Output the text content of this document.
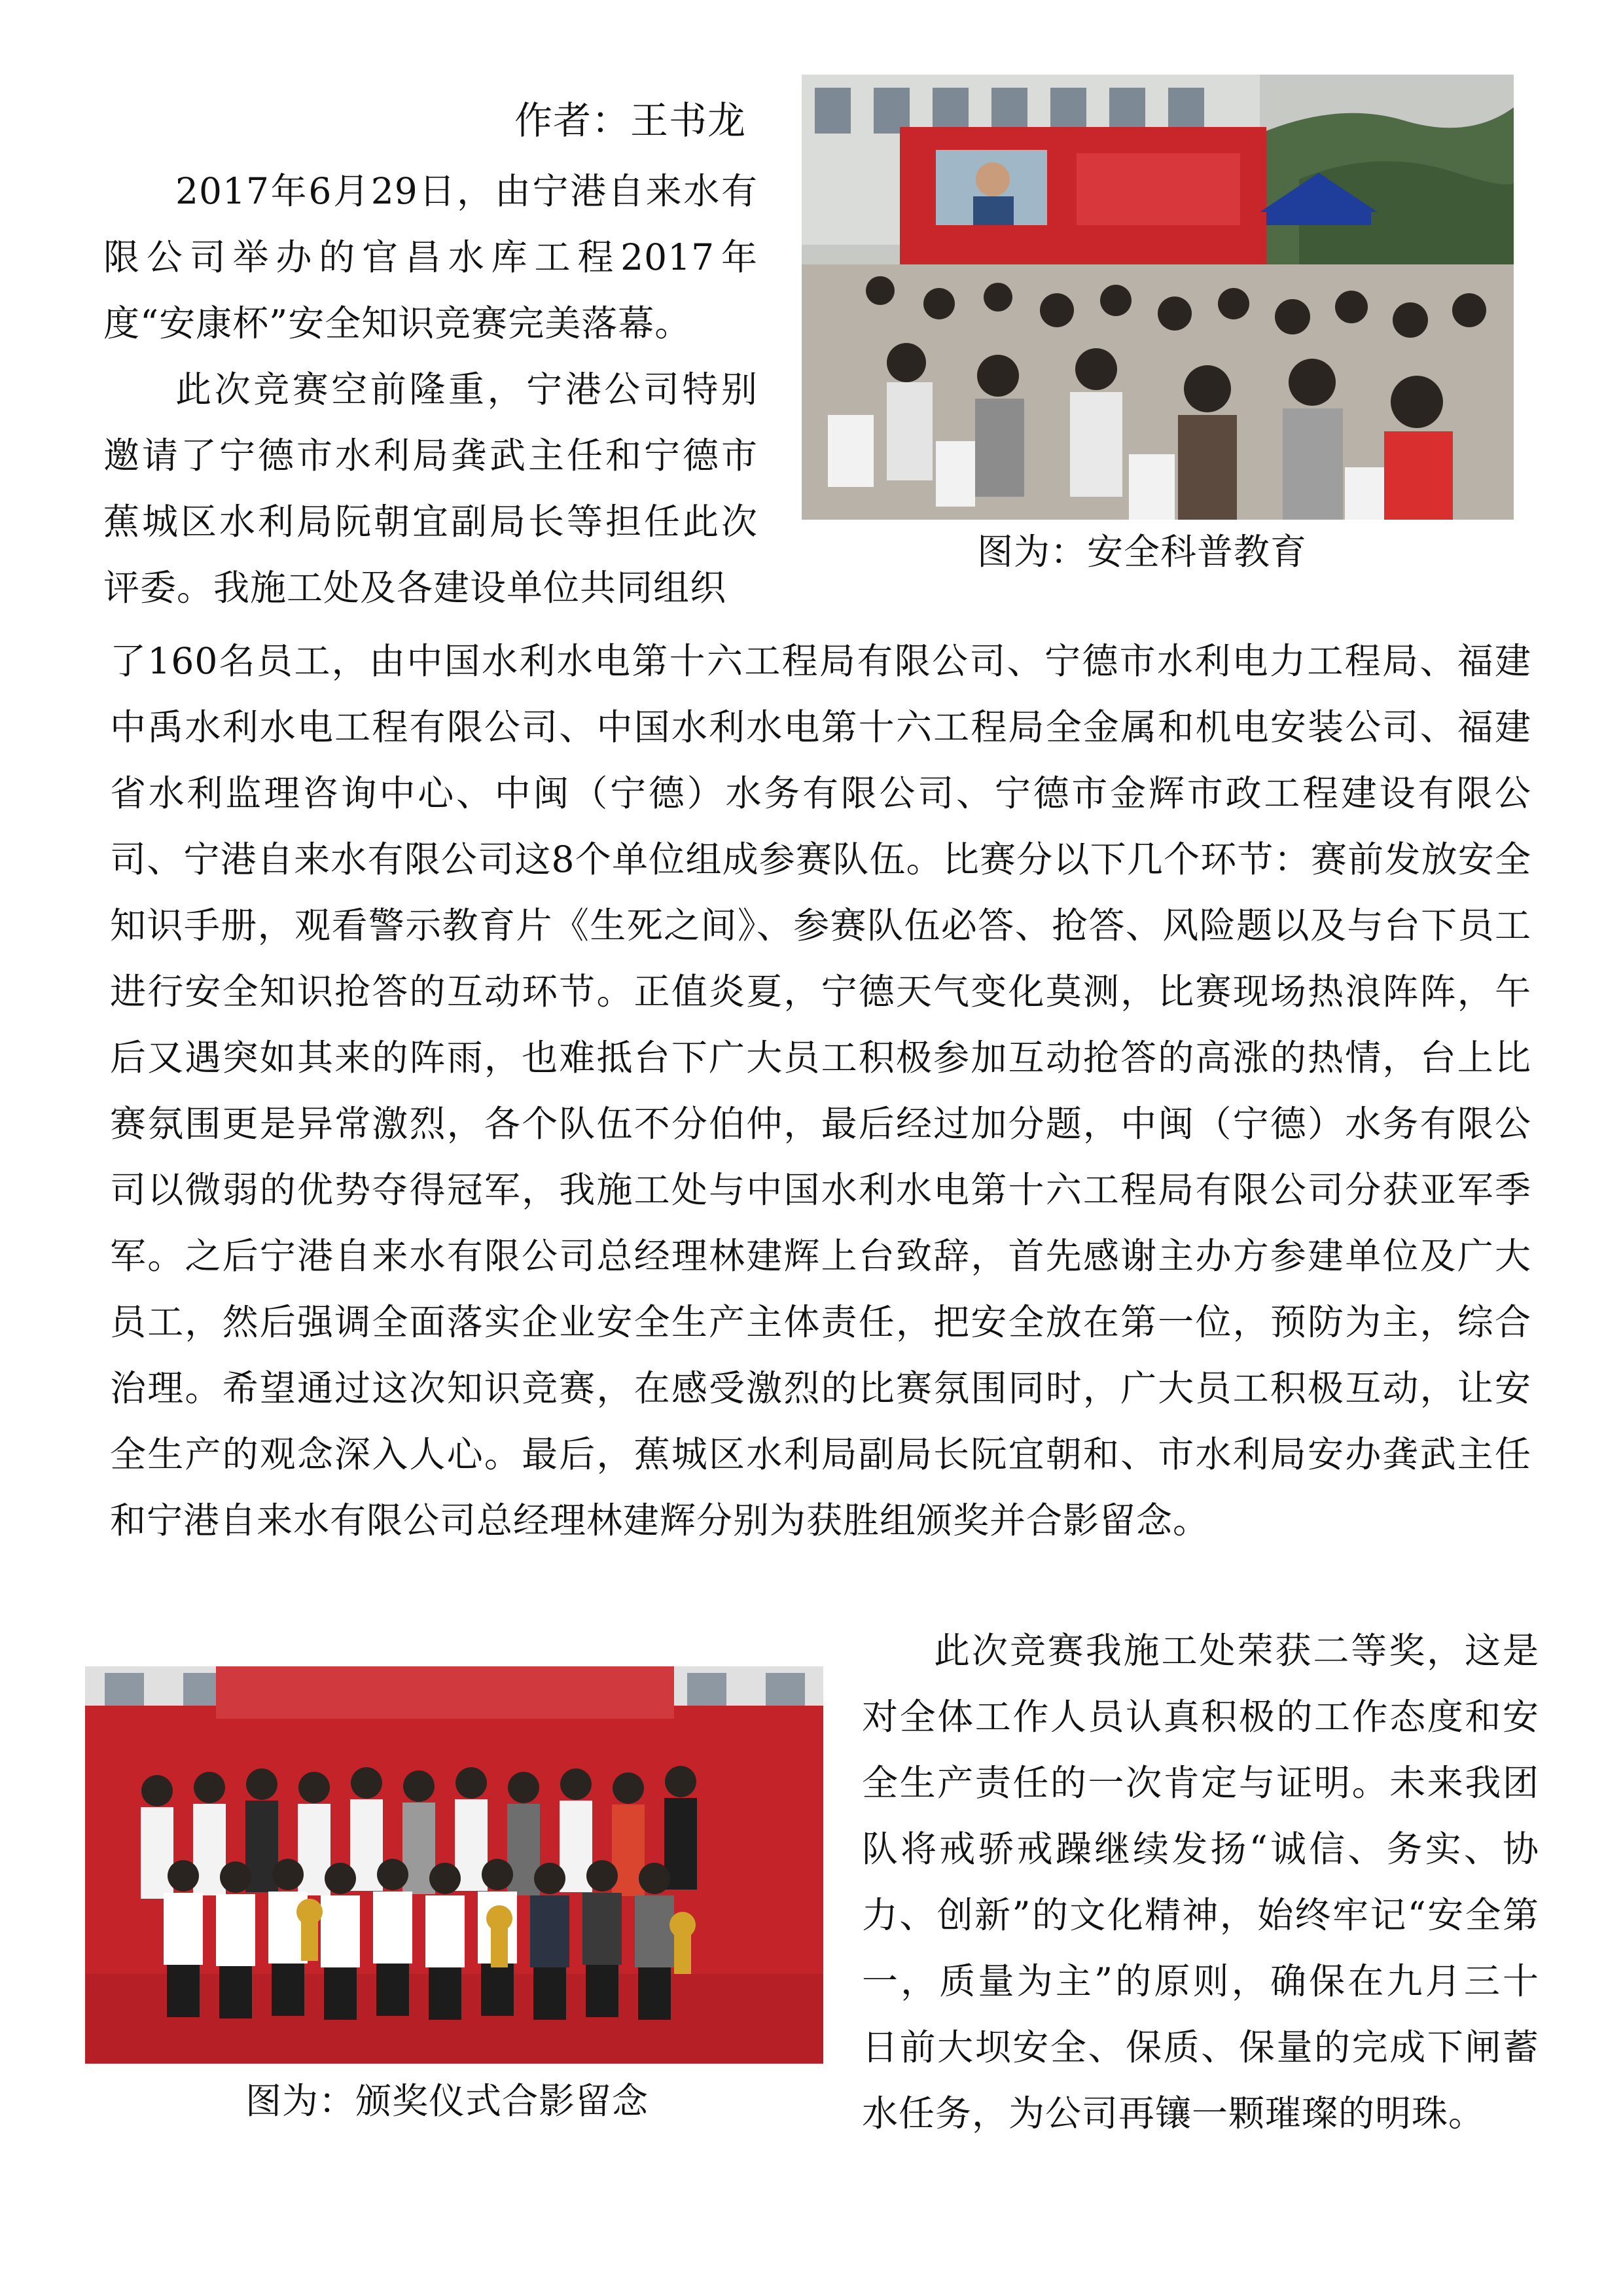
作者：王书龙

2017年6月29日，由宁港自来水有限公司举办的官昌水库工程2017年度“安康杯”安全知识竞赛完美落幕。

此次竞赛空前隆重，宁港公司特别邀请了宁德市水利局龚武主任和宁德市蕉城区水利局阮朝宜副局长等担任此次评委。我施工处及各建设单位共同组织

图为：安全科普教育

了160名员工，由中国水利水电第十六工程局有限公司、宁德市水利电力工程局、福建中禹水利水电工程有限公司、中国水利水电第十六工程局全金属和机电安装公司、福建省水利监理咨询中心、中闽（宁德）水务有限公司、宁德市金辉市政工程建设有限公司、宁港自来水有限公司这8个单位组成参赛队伍。比赛分以下几个环节：赛前发放安全知识手册，观看警示教育片《生死之间》、参赛队伍必答、抢答、风险题以及与台下员工进行安全知识抢答的互动环节。正值炎夏，宁德天气变化莫测，比赛现场热浪阵阵，午后又遇突如其来的阵雨，也难抵台下广大员工积极参加互动抢答的高涨的热情，台上比赛氛围更是异常激烈，各个队伍不分伯仲，最后经过加分题，中闽（宁德）水务有限公司以微弱的优势夺得冠军，我施工处与中国水利水电第十六工程局有限公司分获亚军季军。之后宁港自来水有限公司总经理林建辉上台致辞，首先感谢主办方参建单位及广大员工，然后强调全面落实企业安全生产主体责任，把安全放在第一位，预防为主，综合治理。希望通过这次知识竞赛，在感受激烈的比赛氛围同时，广大员工积极互动，让安全生产的观念深入人心。最后，蕉城区水利局副局长阮宜朝和、市水利局安办龚武主任和宁港自来水有限公司总经理林建辉分别为获胜组颁奖并合影留念。

图为：颁奖仪式合影留念

此次竞赛我施工处荣获二等奖，这是对全体工作人员认真积极的工作态度和安全生产责任的一次肯定与证明。未来我团队将戒骄戒躁继续发扬“诚信、务实、协力、创新”的文化精神，始终牢记“安全第一，质量为主”的原则，确保在九月三十日前大坝安全、保质、保量的完成下闸蓄水任务，为公司再镶一颗璀璨的明珠。
